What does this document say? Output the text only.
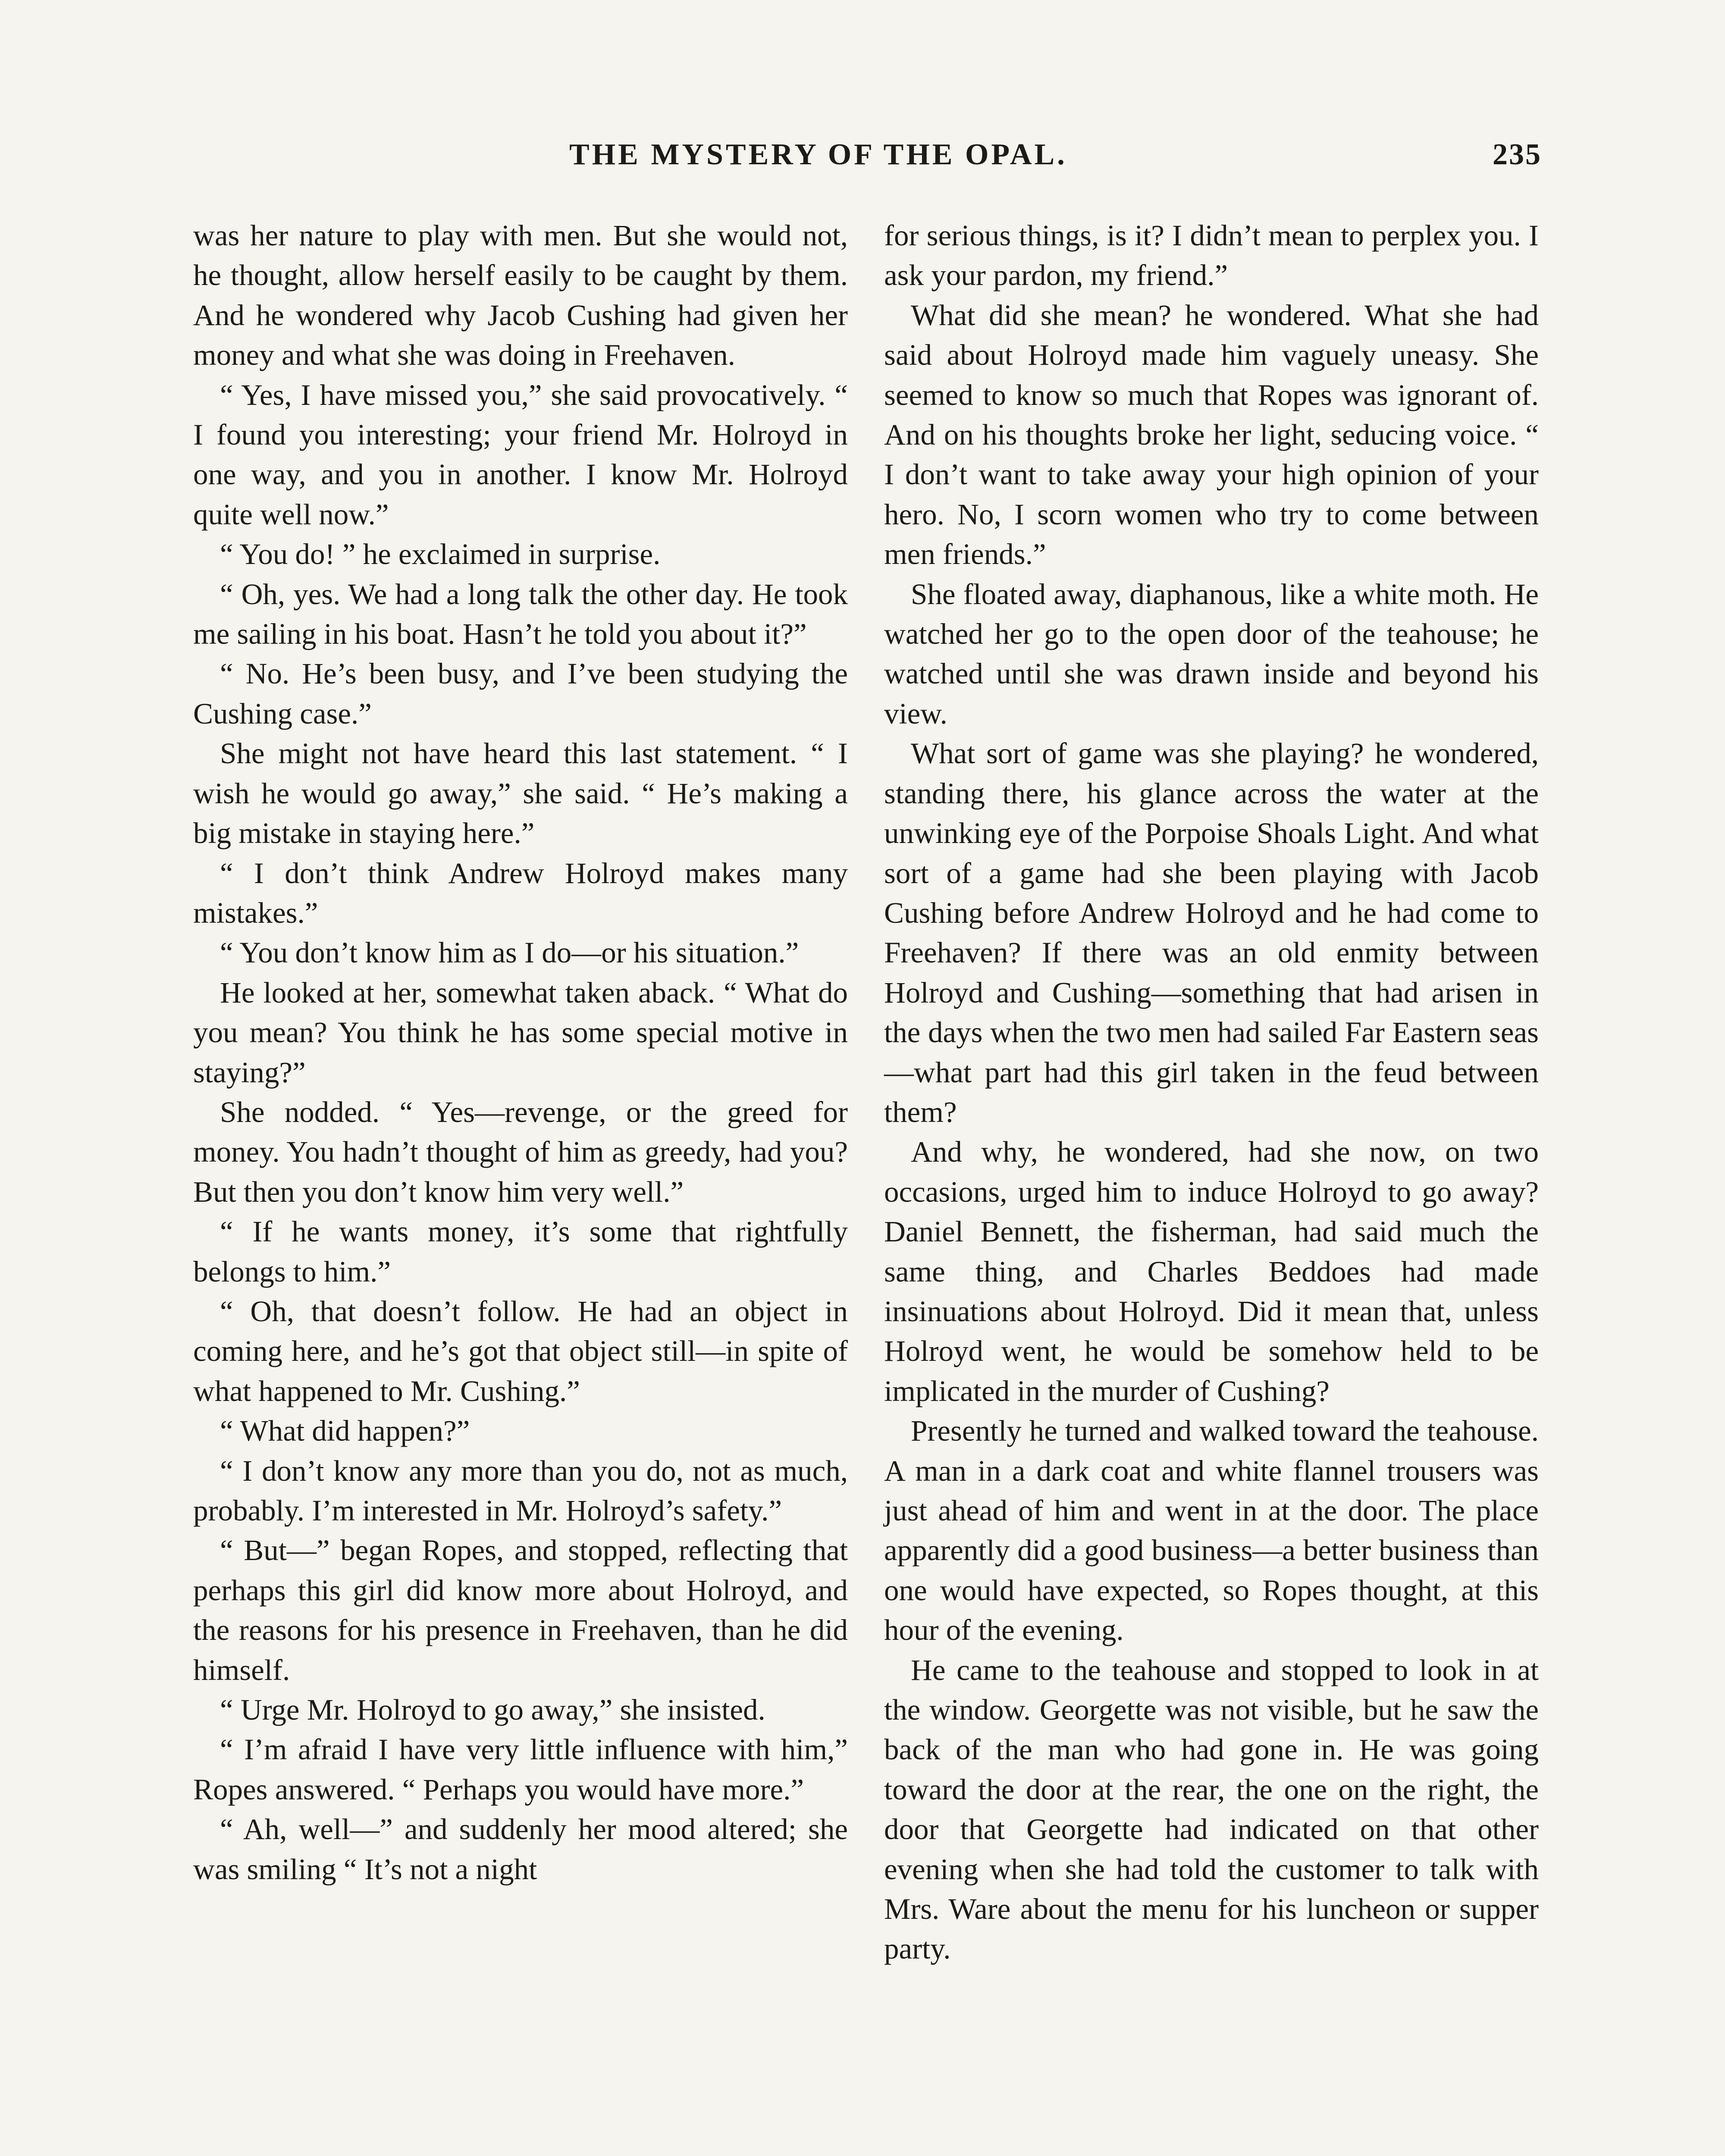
THE MYSTERY OF THE OPAL.	235

was her nature to play with men. But she would not, he thought, allow herself easily to be caught by them. And he wondered why Jacob Cushing had given her money and what she was doing in Freehaven.

“ Yes, I have missed you,” she said provocatively. “ I found you interesting; your friend Mr. Holroyd in one way, and you in another. I know Mr. Holroyd quite well now.”

“ You do! ” he exclaimed in surprise.

“ Oh, yes. We had a long talk the other day. He took me sailing in his boat. Hasn’t he told you about it?”

“ No. He’s been busy, and I’ve been studying the Cushing case.”

She might not have heard this last statement. “ I wish he would go away,” she said. “ He’s making a big mistake in staying here.”

“ I don’t think Andrew Holroyd makes many mistakes.”

“ You don’t know him as I do—or his situation.”

He looked at her, somewhat taken aback. “ What do you mean? You think he has some special motive in staying?”

She nodded. “ Yes—revenge, or the greed for money. You hadn’t thought of him as greedy, had you? But then you don’t know him very well.”

“ If he wants money, it’s some that rightfully belongs to him.”

“ Oh, that doesn’t follow. He had an object in coming here, and he’s got that object still—in spite of what happened to Mr. Cushing.”

“ What did happen?”

“ I don’t know any more than you do, not as much, probably. I’m interested in Mr. Holroyd’s safety.”

“ But—” began Ropes, and stopped, reflecting that perhaps this girl did know more about Holroyd, and the reasons for his presence in Freehaven, than he did himself.

“ Urge Mr. Holroyd to go away,” she insisted.

“ I’m afraid I have very little influence with him,” Ropes answered. “ Perhaps you would have more.”

“ Ah, well—” and suddenly her mood altered; she was smiling “ It’s not a night

for serious things, is it? I didn’t mean to perplex you. I ask your pardon, my friend.”

What did she mean? he wondered. What she had said about Holroyd made him vaguely uneasy. She seemed to know so much that Ropes was ignorant of. And on his thoughts broke her light, seducing voice. “ I don’t want to take away your high opinion of your hero. No, I scorn women who try to come between men friends.”

She floated away, diaphanous, like a white moth. He watched her go to the open door of the teahouse; he watched until she was drawn inside and beyond his view.

What sort of game was she playing? he wondered, standing there, his glance across the water at the unwinking eye of the Porpoise Shoals Light. And what sort of a game had she been playing with Jacob Cushing before Andrew Holroyd and he had come to Freehaven? If there was an old enmity between Holroyd and Cushing—something that had arisen in the days when the two men had sailed Far Eastern seas—what part had this girl taken in the feud between them?

And why, he wondered, had she now, on two occasions, urged him to induce Holroyd to go away? Daniel Bennett, the fisherman, had said much the same thing, and Charles Beddoes had made insinuations about Holroyd. Did it mean that, unless Holroyd went, he would be somehow held to be implicated in the murder of Cushing?

Presently he turned and walked toward the teahouse. A man in a dark coat and white flannel trousers was just ahead of him and went in at the door. The place apparently did a good business—a better business than one would have expected, so Ropes thought, at this hour of the evening.

He came to the teahouse and stopped to look in at the window. Georgette was not visible, but he saw the back of the man who had gone in. He was going toward the door at the rear, the one on the right, the door that Georgette had indicated on that other evening when she had told the customer to talk with Mrs. Ware about the menu for his luncheon or supper party.
